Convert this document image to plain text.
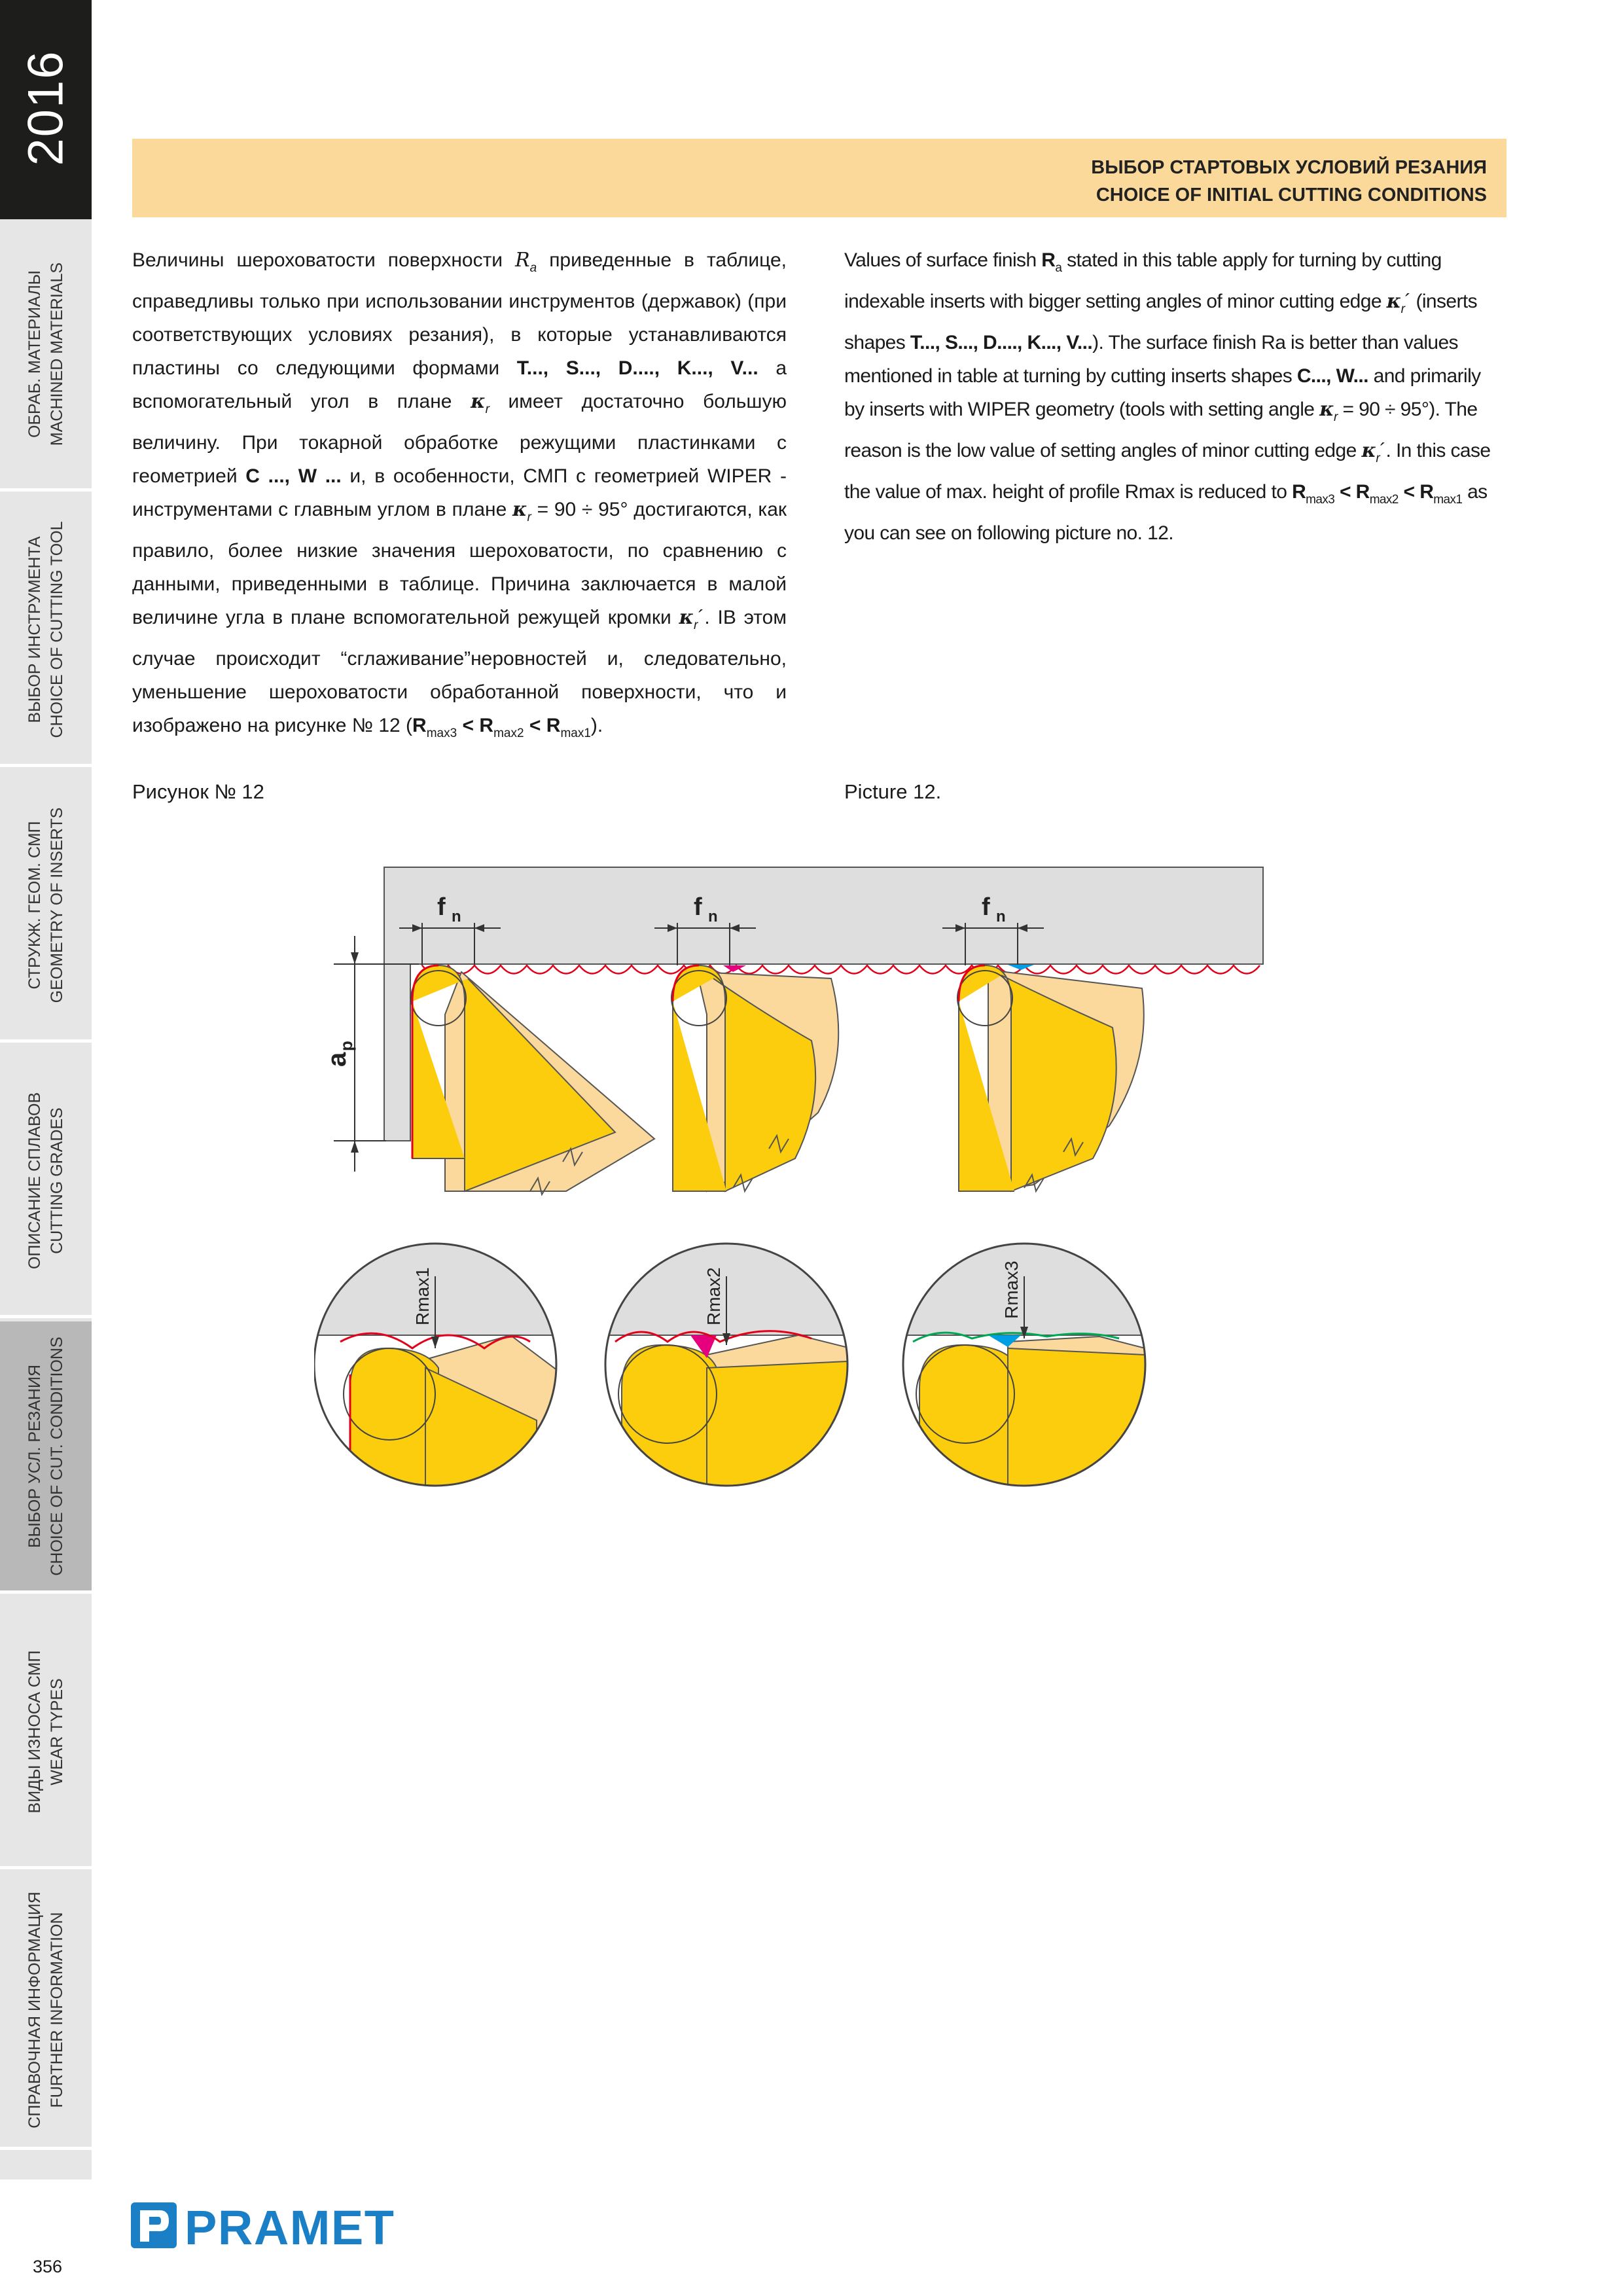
2016
ОБРАБ. МАТЕРИАЛЫ MACHINED MATERIALS
ВЫБОР ИНСТРУМЕНТА CHOICE OF CUTTING TOOL
СТРУКЖ. ГЕОМ. СМП GEOMETRY OF INSERTS
ОПИСАНИЕ СПЛАВОВ CUTTING GRADES
ВЫБОР УСЛ. РЕЗАНИЯ CHOICE OF CUT. CONDITIONS
ВИДЫ ИЗНОСА СМП WEAR TYPES
СПРАВОЧНАЯ ИНФОРМАЦИЯ FURTHER INFORMATION
ВЫБОР СТАРТОВЫХ УСЛОВИЙ РЕЗАНИЯ
CHOICE OF INITIAL CUTTING CONDITIONS

Величины шероховатости поверхности $R_a$ приведенные в таблице, справедливы только при использовании инструментов (державок) (при соответствующих условиях резания), в которые устанавливаются пластины со следующими формами T..., S..., D...., K..., V... а вспомогательный угол в плане $\kappa_r$ имеет достаточно большую величину. При токарной обработке режущими пластинками с геометрией C ..., W ... и, в особенности, СМП с геометрией WIPER - инструментами с главным углом в плане $\kappa_r = 90 \div 95^\circ$ достигаются, как правило, более низкие значения шероховатости, по сравнению с данными, приведенными в таблице. Причина заключается в малой величине угла в плане вспомогательной режущей кромки $\kappa_r´$. IВ этом случае происходит “сглаживание”неровностей и, следовательно, уменьшение шероховатости обработанной поверхности, что и изображено на рисунке № 12 $(R_{max3} < R_{max2} < R_{max1})$.

Values of surface finish $R_a$ stated in this table apply for turning by cutting indexable inserts with bigger setting angles of minor cutting edge $\kappa_r´$ (inserts shapes T..., S..., D...., K..., V...). The surface finish Ra is better than values mentioned in table at turning by cutting inserts shapes C..., W... and primarily by inserts with WIPER geometry (tools with setting angle $\kappa_r = 90 \div 95^\circ$). The reason is the low value of setting angles of minor cutting edge $\kappa_r´$. In this case the value of max. height of profile Rmax is reduced to $R_{max3} < R_{max2} < R_{max1}$ as you can see on following picture no. 12.

Рисунок № 12	Picture 12.
f n	f n	f n
a
p
Rmax1	Rmax2	Rmax3
PRAMET
356
